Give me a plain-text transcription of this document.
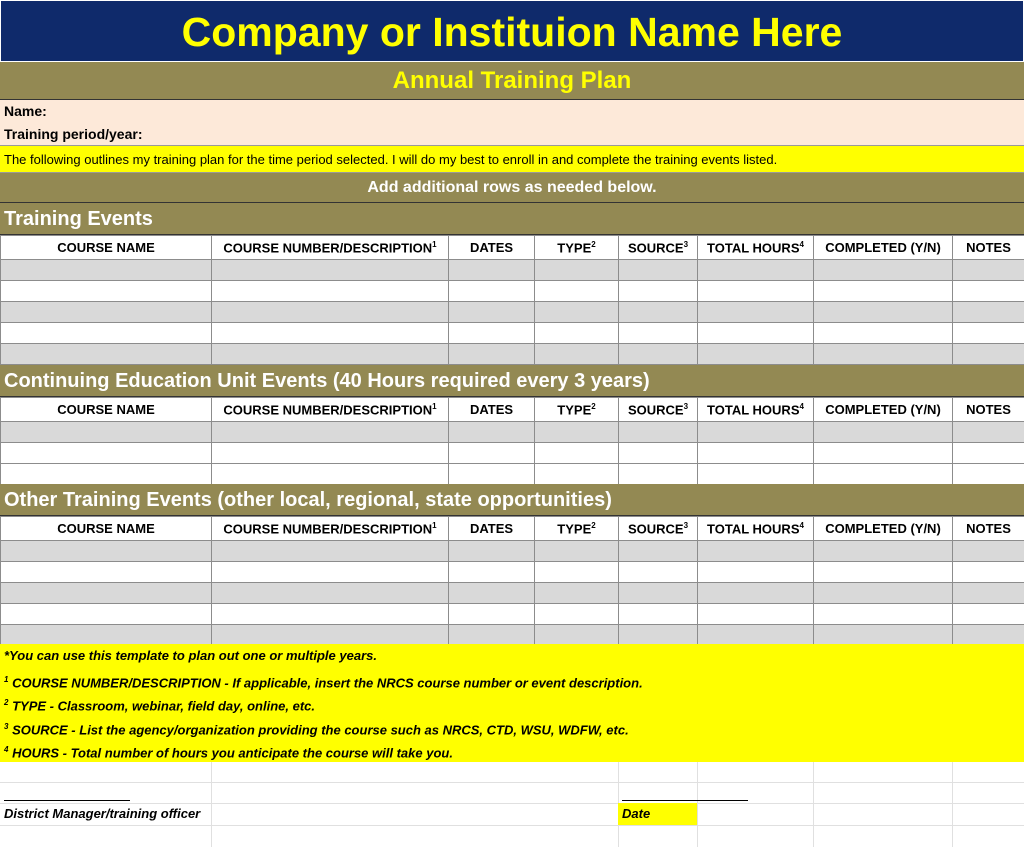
Company or Instituion Name Here
Annual Training Plan
Name:
Training period/year:
The following outlines my training plan for the time period selected. I will do my best to enroll in and complete the training events listed.
Add additional rows as needed below.
Training Events
COURSE NAME	COURSE NUMBER/DESCRIPTION$^1$	DATES	TYPE$^2$	SOURCE$^3$	TOTAL HOURS$^4$	COMPLETED (Y/N)	NOTES

Continuing Education Unit Events (40 Hours required every 3 years)
COURSE NAME	COURSE NUMBER/DESCRIPTION$^1$	DATES	TYPE$^2$	SOURCE$^3$	TOTAL HOURS$^4$	COMPLETED (Y/N)	NOTES

Other Training Events (other local, regional, state opportunities)
COURSE NAME	COURSE NUMBER/DESCRIPTION$^1$	DATES	TYPE$^2$	SOURCE$^3$	TOTAL HOURS$^4$	COMPLETED (Y/N)	NOTES

*You can use this template to plan out one or multiple years.
$^1$ COURSE NUMBER/DESCRIPTION - If applicable, insert the NRCS course number or event description.
$^2$ TYPE - Classroom, webinar, field day, online, etc.
$^3$ SOURCE - List the agency/organization providing the course such as NRCS, CTD, WSU, WDFW, etc.
$^4$ HOURS - Total number of hours you anticipate the course will take you.
District Manager/training officer	Date
